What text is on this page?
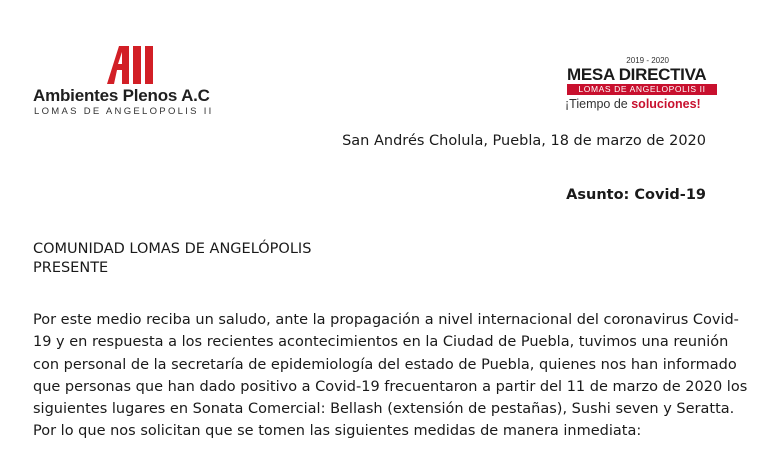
Ambientes Plenos A.C
LOMAS DE ANGELOPOLIS II
2019 - 2020
MESA DIRECTIVA
LOMAS DE ANGELOPOLIS II
¡Tiempo de soluciones!
San Andrés Cholula, Puebla, 18 de marzo de 2020
Asunto: Covid-19
COMUNIDAD LOMAS DE ANGELÓPOLIS
PRESENTE
Por este medio reciba un saludo, ante la propagación a nivel internacional del coronavirus Covid-
19 y en respuesta a los recientes acontecimientos en la Ciudad de Puebla, tuvimos una reunión
con personal de la secretaría de epidemiología del estado de Puebla, quienes nos han informado
que personas que han dado positivo a Covid-19 frecuentaron a partir del 11 de marzo de 2020 los
siguientes lugares en Sonata Comercial: Bellash (extensión de pestañas), Sushi seven y Seratta.
Por lo que nos solicitan que se tomen las siguientes medidas de manera inmediata:
